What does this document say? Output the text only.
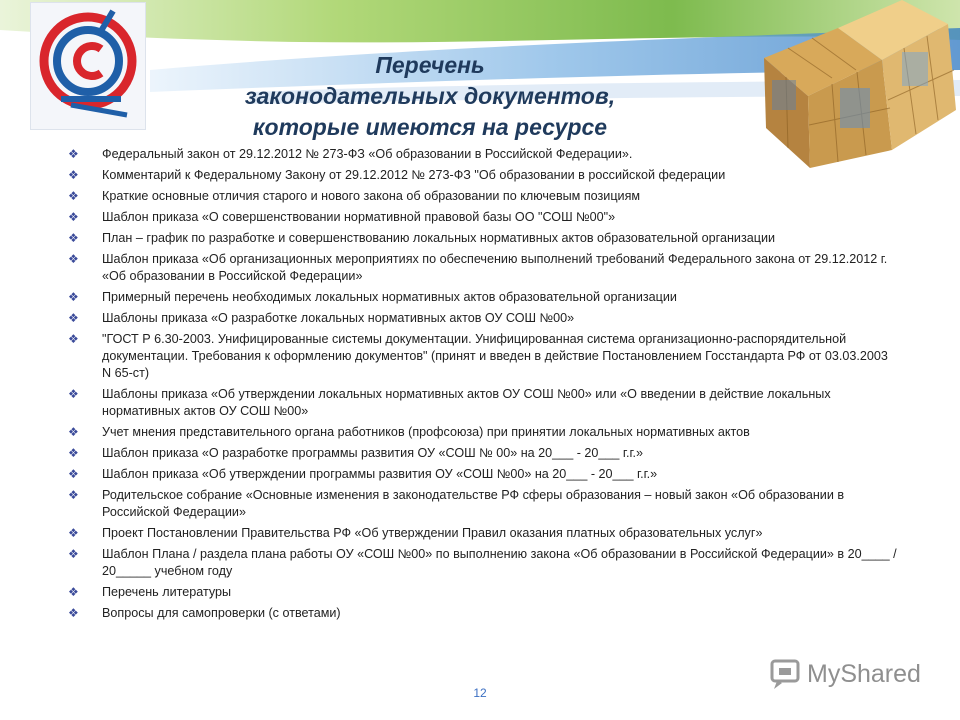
Перечень
законодательных документов,
которые имеются на ресурсе
❖ Федеральный закон от 29.12.2012 № 273-ФЗ «Об образовании в Российской Федерации».
❖ Комментарий к Федеральному Закону от 29.12.2012 № 273-ФЗ "Об образовании в российской федерации
❖ Краткие основные отличия старого и нового закона об образовании по ключевым позициям
❖ Шаблон приказа «О совершенствовании нормативной правовой базы ОО "СОШ №00"»
❖ План – график по разработке и совершенствованию локальных нормативных актов образовательной организации
❖ Шаблон приказа «Об организационных мероприятиях по обеспечению выполнений требований Федерального закона от 29.12.2012 г. «Об образовании в Российской Федерации»
❖ Примерный перечень необходимых локальных нормативных актов образовательной организации
❖ Шаблоны приказа «О разработке локальных нормативных актов ОУ СОШ №00»
❖ "ГОСТ Р 6.30-2003. Унифицированные системы документации. Унифицированная система организационно-распорядительной документации. Требования к оформлению документов" (принят и введен в действие Постановлением Госстандарта РФ от 03.03.2003 N 65-ст)
❖ Шаблоны приказа «Об утверждении локальных нормативных актов ОУ СОШ №00» или «О введении в действие локальных нормативных актов ОУ СОШ №00»
❖ Учет мнения представительного органа работников (профсоюза) при принятии локальных нормативных актов
❖ Шаблон приказа «О разработке программы развития ОУ «СОШ № 00» на 20___ - 20___ г.г.»
❖ Шаблон приказа «Об утверждении программы развития ОУ «СОШ №00» на 20___ - 20___ г.г.»
❖ Родительское собрание «Основные изменения в законодательстве РФ сферы образования – новый закон «Об образовании в Российской Федерации»
❖ Проект Постановлении Правительства РФ «Об утверждении Правил оказания платных образовательных услуг»
❖ Шаблон Плана / раздела плана работы ОУ «СОШ №00» по выполнению закона «Об образовании в Российской Федерации» в 20____ / 20_____ учебном году
❖ Перечень литературы
❖ Вопросы для самопроверки (с ответами)
12
MyShared
